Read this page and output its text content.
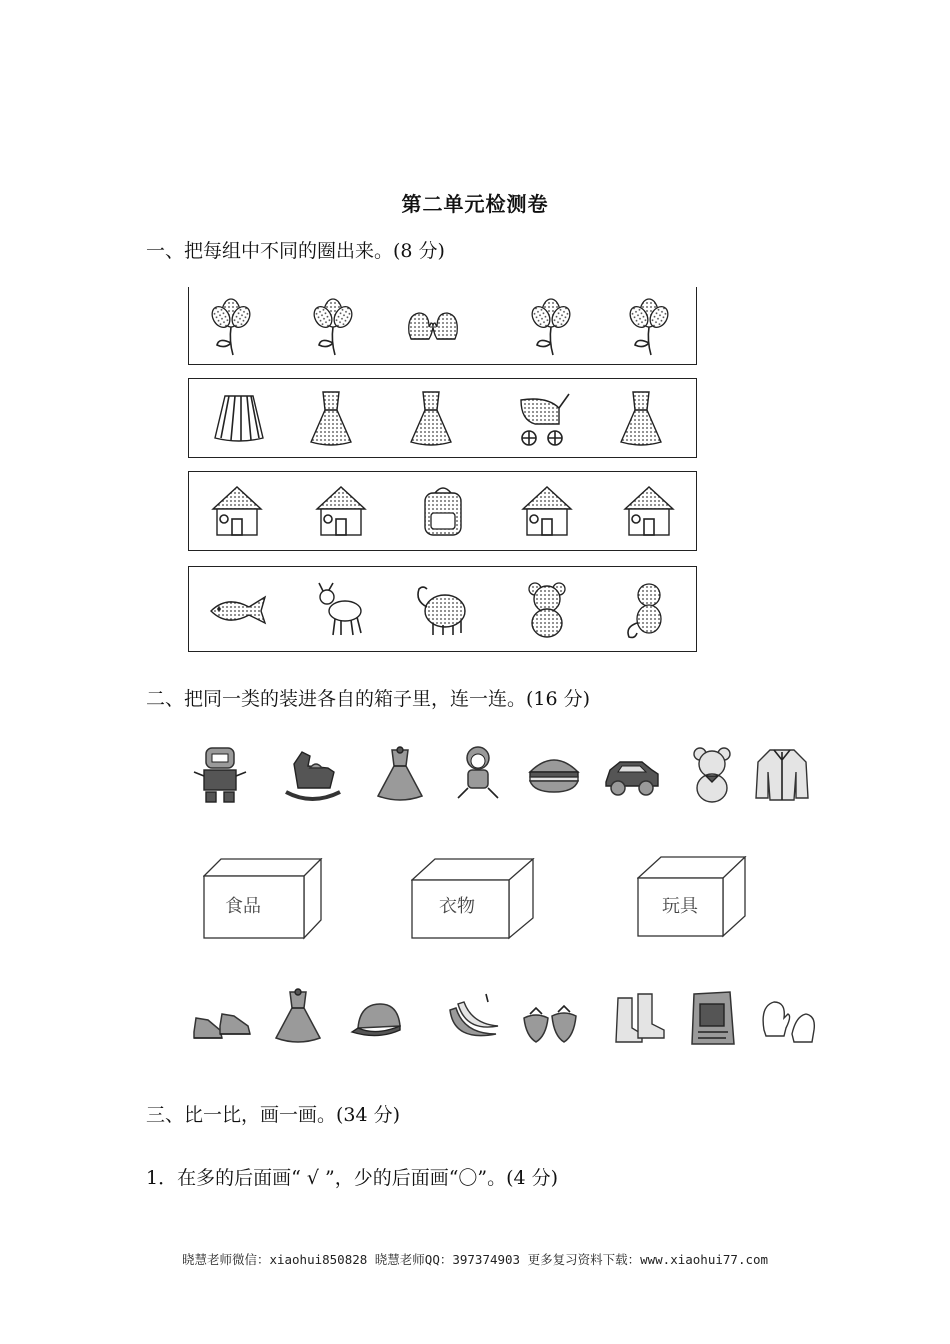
第二单元检测卷
一、把每组中不同的圈出来。(8 分)
二、把同一类的装进各自的箱子里，连一连。(16 分)
食品	衣物	玩具
三、比一比，画一画。(34 分)
1．在多的后面画“ √ ”，少的后面画“〇”。(4 分)
晓慧老师微信：xiaohui850828 晓慧老师QQ：397374903 更多复习资料下载：www.xiaohui77.com
